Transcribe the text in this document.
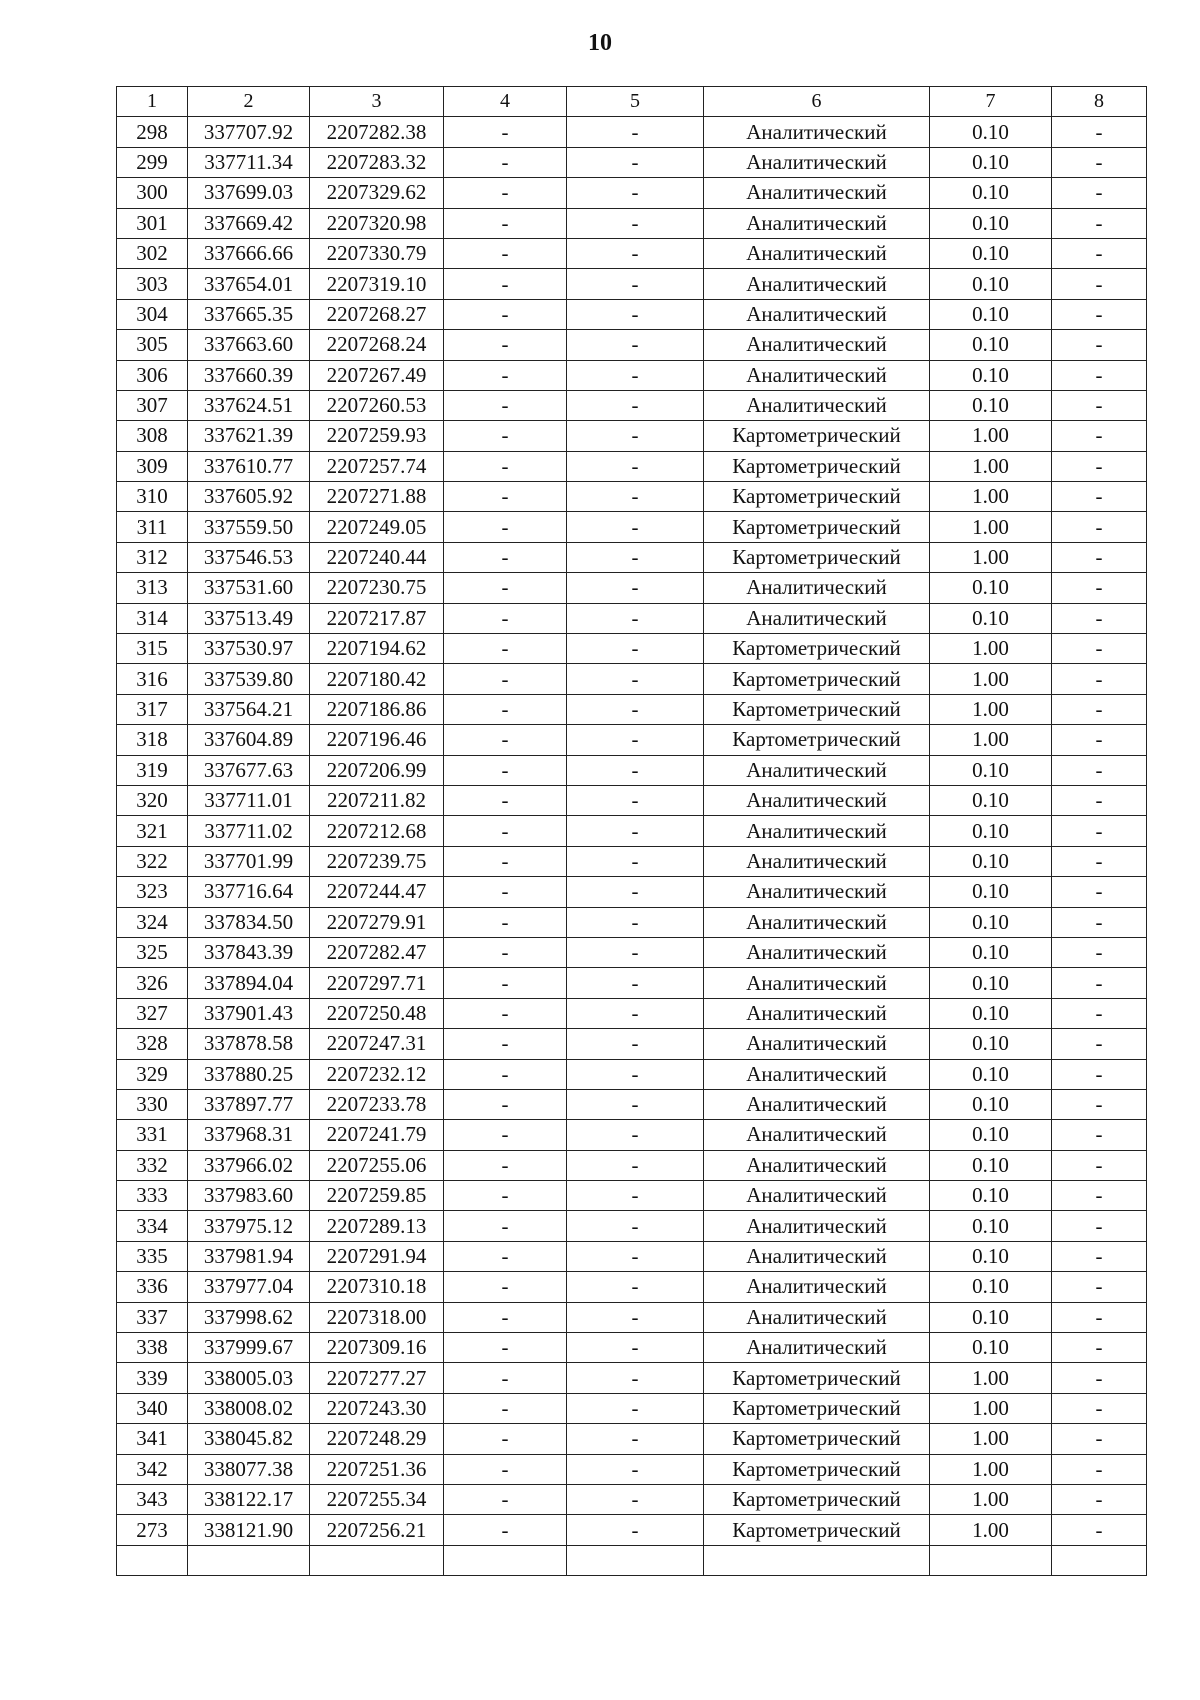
10
1	2	3	4	5	6	7	8
298	337707.92	2207282.38	-	-	Аналитический	0.10	-
299	337711.34	2207283.32	-	-	Аналитический	0.10	-
300	337699.03	2207329.62	-	-	Аналитический	0.10	-
301	337669.42	2207320.98	-	-	Аналитический	0.10	-
302	337666.66	2207330.79	-	-	Аналитический	0.10	-
303	337654.01	2207319.10	-	-	Аналитический	0.10	-
304	337665.35	2207268.27	-	-	Аналитический	0.10	-
305	337663.60	2207268.24	-	-	Аналитический	0.10	-
306	337660.39	2207267.49	-	-	Аналитический	0.10	-
307	337624.51	2207260.53	-	-	Аналитический	0.10	-
308	337621.39	2207259.93	-	-	Картометрический	1.00	-
309	337610.77	2207257.74	-	-	Картометрический	1.00	-
310	337605.92	2207271.88	-	-	Картометрический	1.00	-
311	337559.50	2207249.05	-	-	Картометрический	1.00	-
312	337546.53	2207240.44	-	-	Картометрический	1.00	-
313	337531.60	2207230.75	-	-	Аналитический	0.10	-
314	337513.49	2207217.87	-	-	Аналитический	0.10	-
315	337530.97	2207194.62	-	-	Картометрический	1.00	-
316	337539.80	2207180.42	-	-	Картометрический	1.00	-
317	337564.21	2207186.86	-	-	Картометрический	1.00	-
318	337604.89	2207196.46	-	-	Картометрический	1.00	-
319	337677.63	2207206.99	-	-	Аналитический	0.10	-
320	337711.01	2207211.82	-	-	Аналитический	0.10	-
321	337711.02	2207212.68	-	-	Аналитический	0.10	-
322	337701.99	2207239.75	-	-	Аналитический	0.10	-
323	337716.64	2207244.47	-	-	Аналитический	0.10	-
324	337834.50	2207279.91	-	-	Аналитический	0.10	-
325	337843.39	2207282.47	-	-	Аналитический	0.10	-
326	337894.04	2207297.71	-	-	Аналитический	0.10	-
327	337901.43	2207250.48	-	-	Аналитический	0.10	-
328	337878.58	2207247.31	-	-	Аналитический	0.10	-
329	337880.25	2207232.12	-	-	Аналитический	0.10	-
330	337897.77	2207233.78	-	-	Аналитический	0.10	-
331	337968.31	2207241.79	-	-	Аналитический	0.10	-
332	337966.02	2207255.06	-	-	Аналитический	0.10	-
333	337983.60	2207259.85	-	-	Аналитический	0.10	-
334	337975.12	2207289.13	-	-	Аналитический	0.10	-
335	337981.94	2207291.94	-	-	Аналитический	0.10	-
336	337977.04	2207310.18	-	-	Аналитический	0.10	-
337	337998.62	2207318.00	-	-	Аналитический	0.10	-
338	337999.67	2207309.16	-	-	Аналитический	0.10	-
339	338005.03	2207277.27	-	-	Картометрический	1.00	-
340	338008.02	2207243.30	-	-	Картометрический	1.00	-
341	338045.82	2207248.29	-	-	Картометрический	1.00	-
342	338077.38	2207251.36	-	-	Картометрический	1.00	-
343	338122.17	2207255.34	-	-	Картометрический	1.00	-
273	338121.90	2207256.21	-	-	Картометрический	1.00	-
